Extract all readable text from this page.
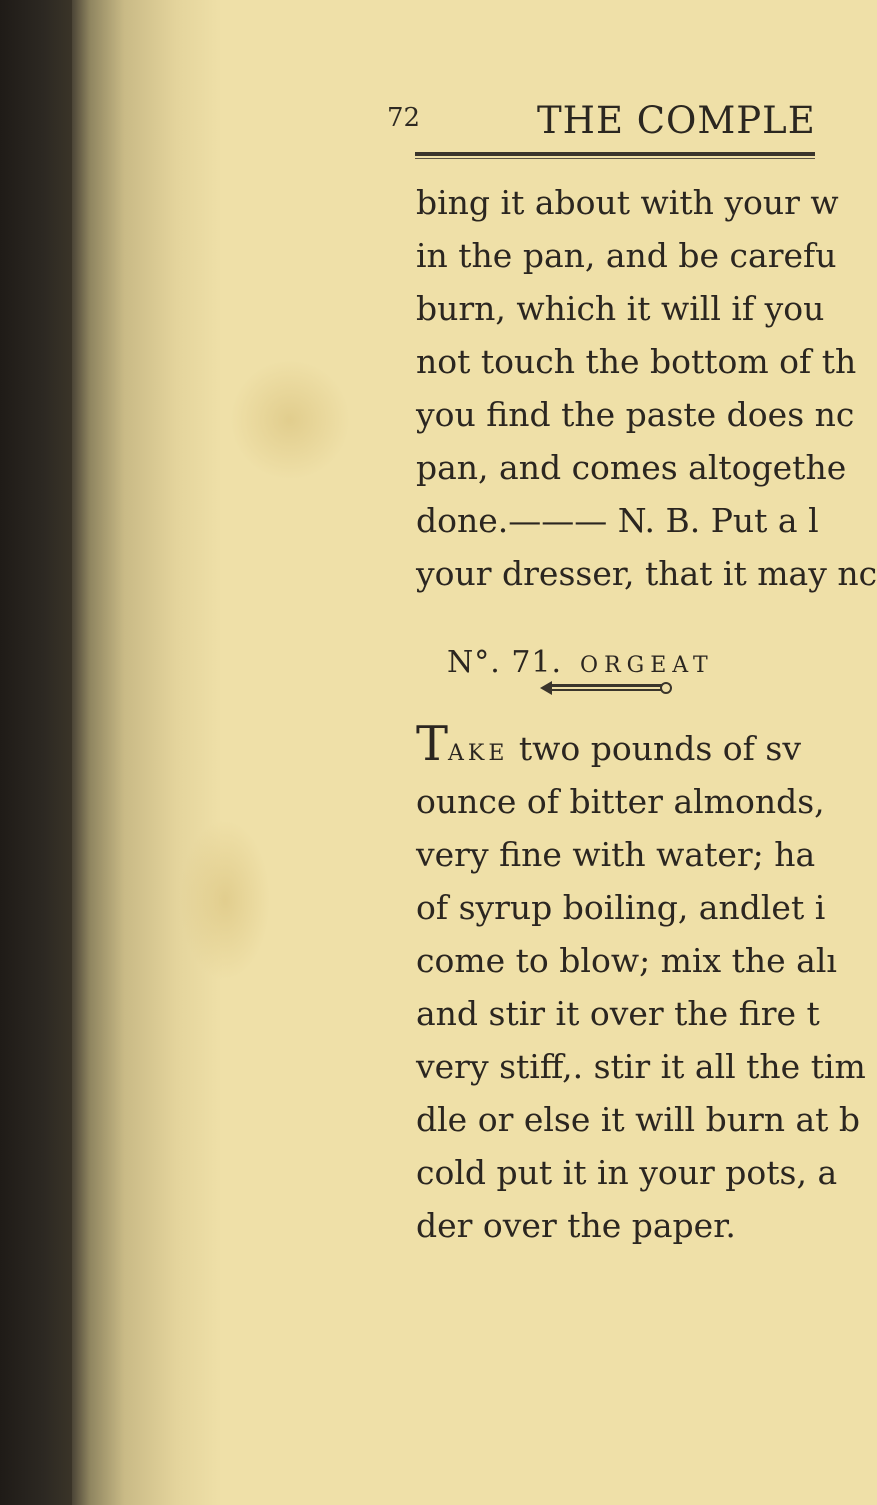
72	THE COMPLE
bing it about with your w
in the pan, and be carefu
burn, which it will if you
not touch the bottom of th
you find the paste does nc
pan, and comes altogethe
done.——— N. B. Put a l
your dresser, that it may nc
N°. 71. ORGEAT
TAKE two pounds of sv
ounce of bitter almonds,
very fine with water; ha
of syrup boiling, andlet i
come to blow; mix the alı
and stir it over the fire t
very stiff,. stir it all the tim
dle or else it will burn at b
cold put it in your pots, a
der over the paper.
